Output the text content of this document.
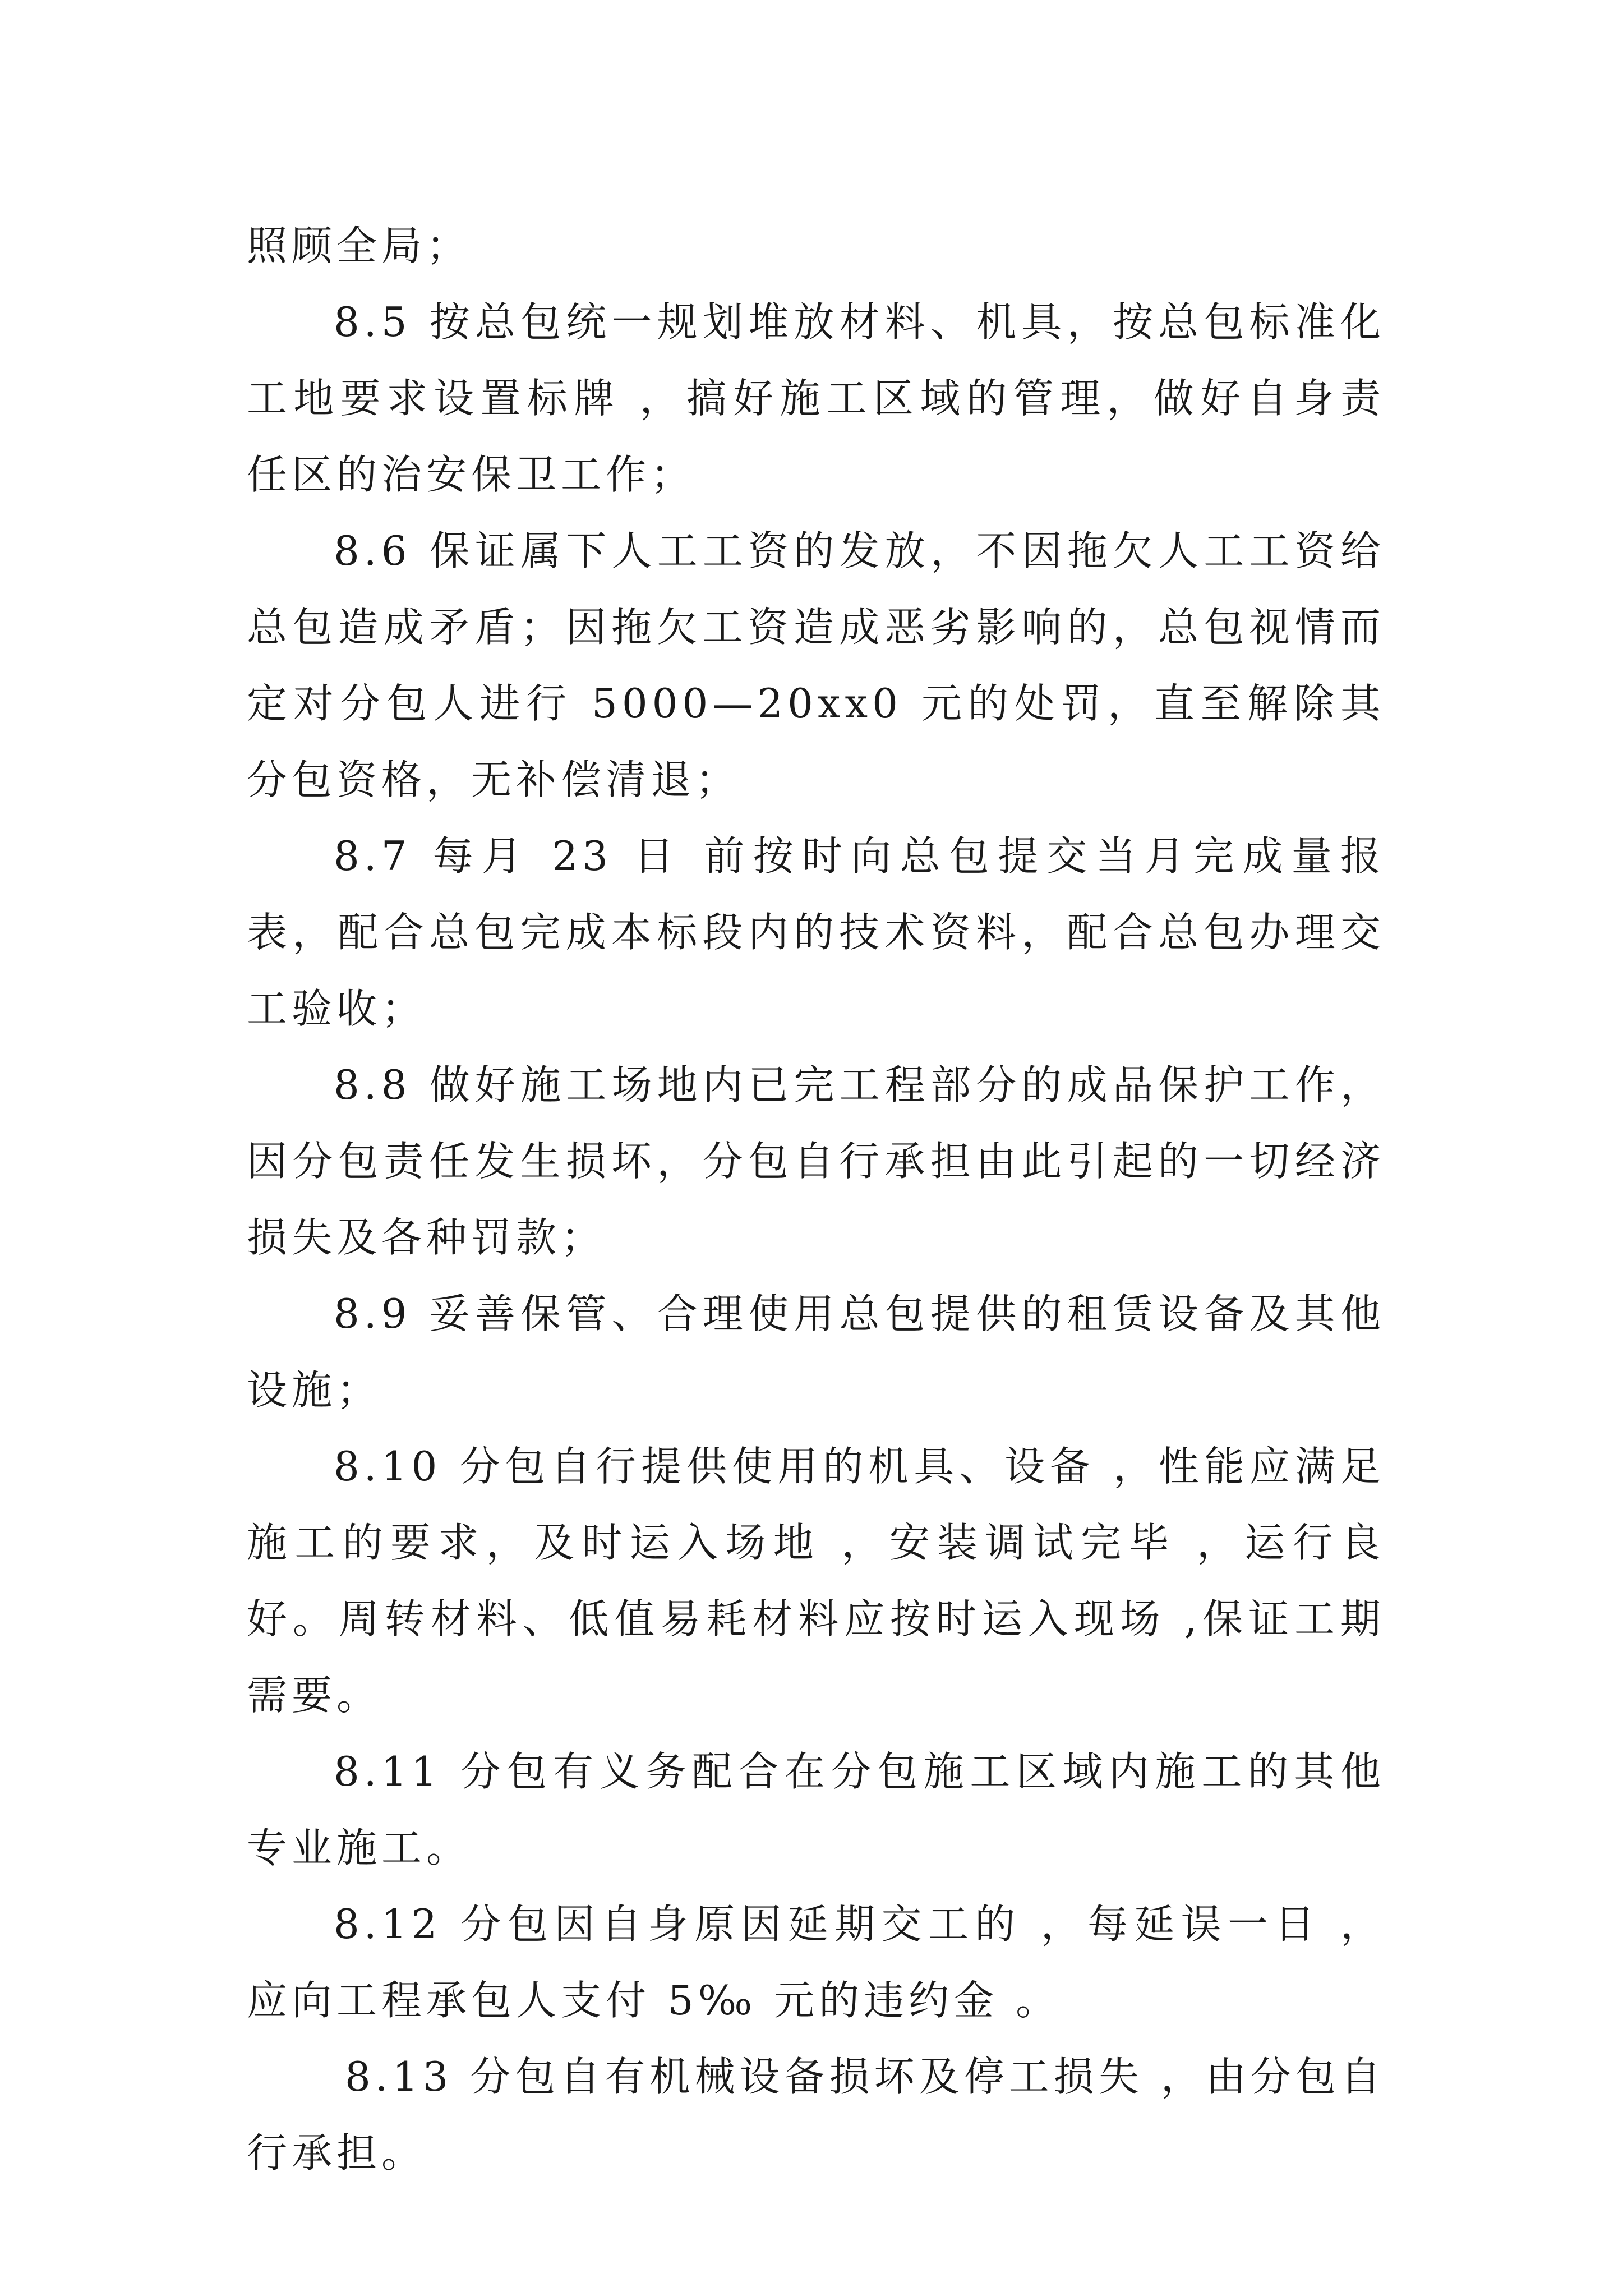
照顾全局；

8.5 按总包统一规划堆放材料、机具，按总包标准化工地要求设置标牌 ，搞好施工区域的管理，做好自身责任区的治安保卫工作；

8.6 保证属下人工工资的发放，不因拖欠人工工资给总包造成矛盾；因拖欠工资造成恶劣影响的，总包视情而定对分包人进行 5000—20xx0 元的处罚，直至解除其分包资格，无补偿清退；

8.7 每月 23 日 前按时向总包提交当月完成量报表，配合总包完成本标段内的技术资料，配合总包办理交工验收；

8.8 做好施工场地内已完工程部分的成品保护工作，因分包责任发生损坏，分包自行承担由此引起的一切经济损失及各种罚款；

8.9 妥善保管、合理使用总包提供的租赁设备及其他设施；

8.10 分包自行提供使用的机具、设备 ，性能应满足施工的要求，及时运入场地 ，安装调试完毕 ，运行良好。周转材料、低值易耗材料应按时运入现场 ,保证工期需要。

8.11 分包有义务配合在分包施工区域内施工的其他专业施工。

8.12 分包因自身原因延期交工的 ，每延误一日 ，应向工程承包人支付 5‰ 元的违约金 。

8.13 分包自有机械设备损坏及停工损失 ，由分包自行承担。
